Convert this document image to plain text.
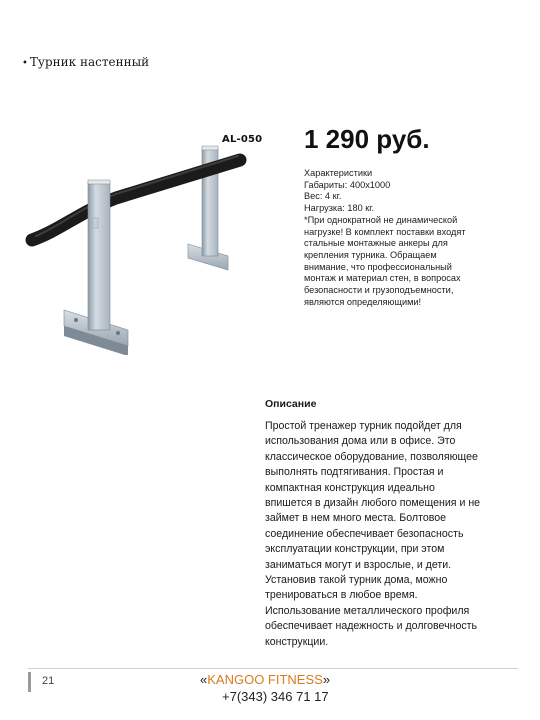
• Турник настенный
AL-050 1 290 руб.
Характеристики
Габариты: 400х1000
Вес: 4 кг.
Нагрузка: 180 кг.
*При однократной не динамической
нагрузке! В комплект поставки входят
стальные монтажные анкеры для
крепления турника. Обращаем
внимание, что профессиональный
монтаж и материал стен, в вопросах
безопасности и грузоподъемности,
являются определяющими!
Описание
Простой тренажер турник подойдет для
использования дома или в офисе. Это
классическое оборудование, позволяющее
выполнять подтягивания. Простая и
компактная конструкция идеально
впишется в дизайн любого помещения и не
займет в нем много места. Болтовое
соединение обеспечивает безопасность
эксплуатации конструкции, при этом
заниматься могут и взрослые, и дети.
Установив такой турник дома, можно
тренироваться в любое время.
Использование металлического профиля
обеспечивает надежность и долговечность
конструкции.
21	«KANGOO FITNESS»
+7(343) 346 71 17
